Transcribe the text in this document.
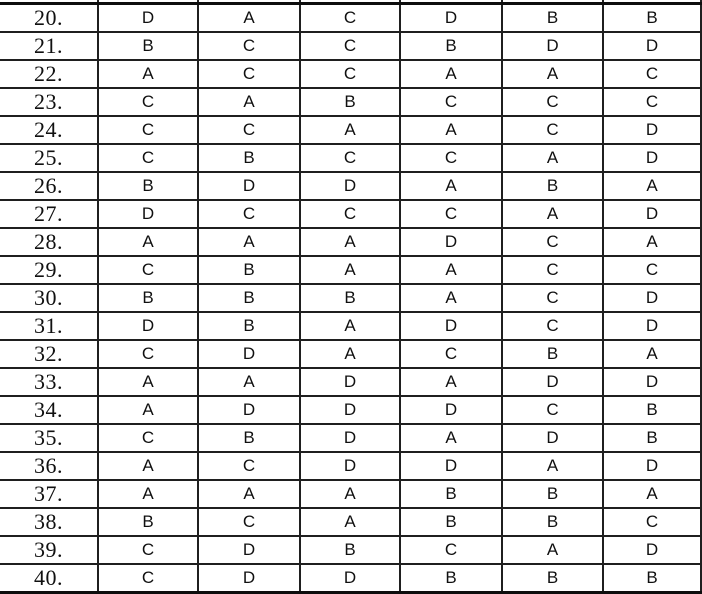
20.	D	A	C	D	B	B
21.	B	C	C	B	D	D
22.	A	C	C	A	A	C
23.	C	A	B	C	C	C
24.	C	C	A	A	C	D
25.	C	B	C	C	A	D
26.	B	D	D	A	B	A
27.	D	C	C	C	A	D
28.	A	A	A	D	C	A
29.	C	B	A	A	C	C
30.	B	B	B	A	C	D
31.	D	B	A	D	C	D
32.	C	D	A	C	B	A
33.	A	A	D	A	D	D
34.	A	D	D	D	C	B
35.	C	B	D	A	D	B
36.	A	C	D	D	A	D
37.	A	A	A	B	B	A
38.	B	C	A	B	B	C
39.	C	D	B	C	A	D
40.	C	D	D	B	B	B
